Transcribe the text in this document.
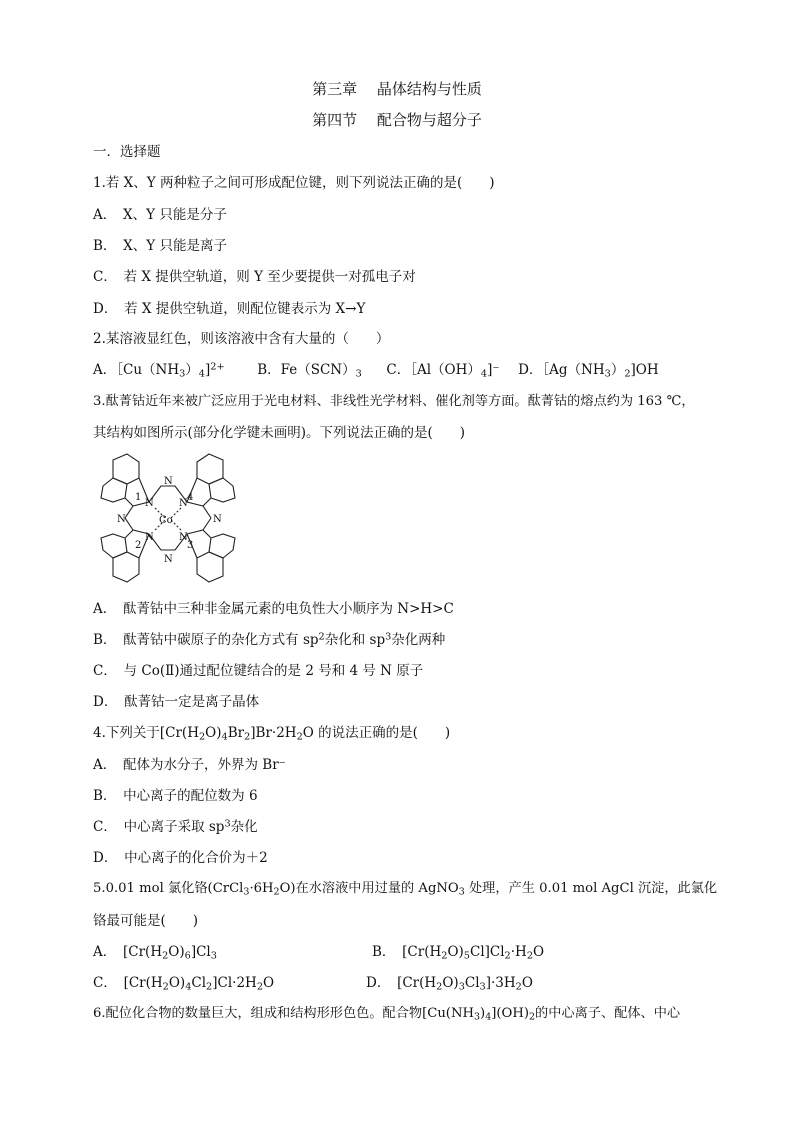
第三章　 晶体结构与性质
第四节　 配合物与超分子
一．选择题
1.若 X、Y 两种粒子之间可形成配位键，则下列说法正确的是(　　)
A．　X、Y 只能是分子
B．　X、Y 只能是离子
C．　若 X 提供空轨道，则 Y 至少要提供一对孤电子对
D．　若 X 提供空轨道，则配位键表示为 X→Y
2.某溶液显红色，则该溶液中含有大量的（　　）
A．$[Cu(NH_3)_4]^{2+}$ B．$Fe(SCN)_3$ C．$[Al(OH)_4]^-$ D．$[Ag(NH_3)_2]OH$
3.酞菁钴近年来被广泛应用于光电材料、非线性光学材料、催化剂等方面。酞菁钴的熔点约为 163 ℃，
其结构如图所示(部分化学键未画明)。下列说法正确的是(　　)
Co
N
1
N
4
N
2
N
3
N
N
N	N
A．　酞菁钴中三种非金属元素的电负性大小顺序为 N>H>C
B．　酞菁钴中碳原子的杂化方式有 $sp^2$杂化和 $sp^3$杂化两种
C．　与 Co(Ⅱ)通过配位键结合的是 2 号和 4 号 N 原子
D．　酞菁钴一定是离子晶体
4.下列关于$[Cr(H_2O)_4Br_2]Br\cdot 2H_2O$ 的说法正确的是(　　)
A．　配体为水分子，外界为 Br⁻
B．　中心离子的配位数为 6
C．　中心离子采取 $sp^3$杂化
D．　中心离子的化合价为＋2
5.0.01 mol 氯化铬$(CrCl_3\cdot 6H_2O)$在水溶液中用过量的 AgNO$_3$ 处理，产生 0.01 mol AgCl 沉淀，此氯化
铬最可能是(　　)
A．　$[Cr(H_2O)_6]Cl_3$	B．　$[Cr(H_2O)_5Cl]Cl_2\cdot H_2O$
C．　$[Cr(H_2O)_4Cl_2]Cl\cdot 2H_2O$	D．　$[Cr(H_2O)_3Cl_3]\cdot 3H_2O$
6.配位化合物的数量巨大，组成和结构形形色色。配合物$[Cu(NH_3)_4](OH)_2$的中心离子、配体、中心
